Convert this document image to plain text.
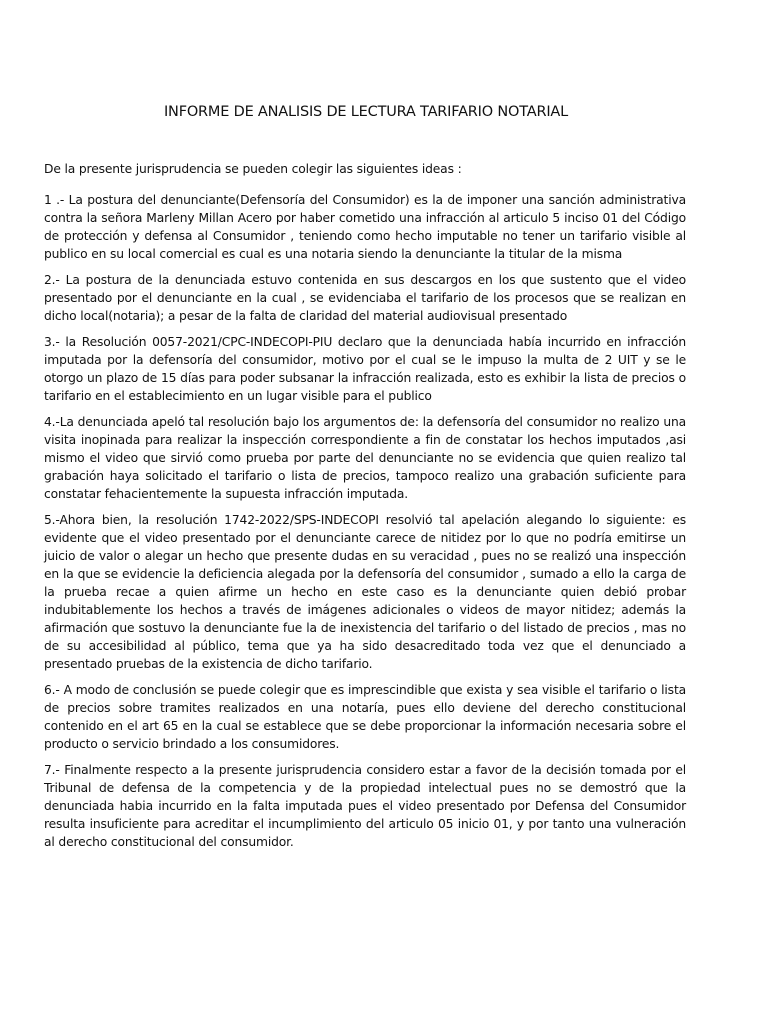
INFORME DE ANALISIS DE LECTURA TARIFARIO NOTARIAL

De la presente jurisprudencia se pueden colegir las siguientes ideas :

1 .- La postura del denunciante(Defensoría del Consumidor) es la de imponer una sanción administrativa contra la señora Marleny Millan Acero por haber cometido una infracción al articulo 5 inciso 01 del Código de protección y defensa al Consumidor , teniendo como hecho imputable no tener un tarifario visible al publico en su local comercial es cual es una notaria siendo la denunciante la titular de la misma

2.- La postura de la denunciada estuvo contenida en sus descargos en los que sustento que el video presentado por el denunciante en la cual , se evidenciaba el tarifario de los procesos que se realizan en dicho local(notaria); a pesar de la falta de claridad del material audiovisual presentado

3.- la Resolución 0057-2021/CPC-INDECOPI-PIU declaro que la denunciada había incurrido en infracción imputada por la defensoría del consumidor, motivo por el cual se le impuso la multa de 2 UIT y se le otorgo un plazo de 15 días para poder subsanar la infracción realizada, esto es exhibir la lista de precios o tarifario en el establecimiento en un lugar visible para el publico

4.-La denunciada apeló tal resolución bajo los argumentos de: la defensoría del consumidor no realizo una visita inopinada para realizar la inspección correspondiente a fin de constatar los hechos imputados ,asi mismo el video que sirvió como prueba por parte del denunciante no se evidencia que quien realizo tal grabación haya solicitado el tarifario o lista de precios, tampoco realizo una grabación suficiente para constatar fehacientemente la supuesta infracción imputada.

5.-Ahora bien, la resolución 1742-2022/SPS-INDECOPI resolvió tal apelación alegando lo siguiente: es evidente que el video presentado por el denunciante carece de nitidez por lo que no podría emitirse un juicio de valor o alegar un hecho que presente dudas en su veracidad , pues no se realizó una inspección en la que se evidencie la deficiencia alegada por la defensoría del consumidor , sumado a ello la carga de la prueba recae a quien afirme un hecho en este caso es la denunciante quien debió probar indubitablemente los hechos a través de imágenes adicionales o videos de mayor nitidez; además la afirmación que sostuvo la denunciante fue la de inexistencia del tarifario o del listado de precios , mas no de su accesibilidad al público, tema que ya ha sido desacreditado toda vez que el denunciado a presentado pruebas de la existencia de dicho tarifario.

6.- A modo de conclusión se puede colegir que es imprescindible que exista y sea visible el tarifario o lista de precios sobre tramites realizados en una notaría, pues ello deviene del derecho constitucional contenido en el art 65 en la cual se establece que se debe proporcionar la información necesaria sobre el producto o servicio brindado a los consumidores.

7.- Finalmente respecto a la presente jurisprudencia considero estar a favor de la decisión tomada por el Tribunal de defensa de la competencia y de la propiedad intelectual pues no se demostró que la denunciada habia incurrido en la falta imputada pues el video presentado por Defensa del Consumidor resulta insuficiente para acreditar el incumplimiento del articulo 05 inicio 01, y por tanto una vulneración al derecho constitucional del consumidor.
